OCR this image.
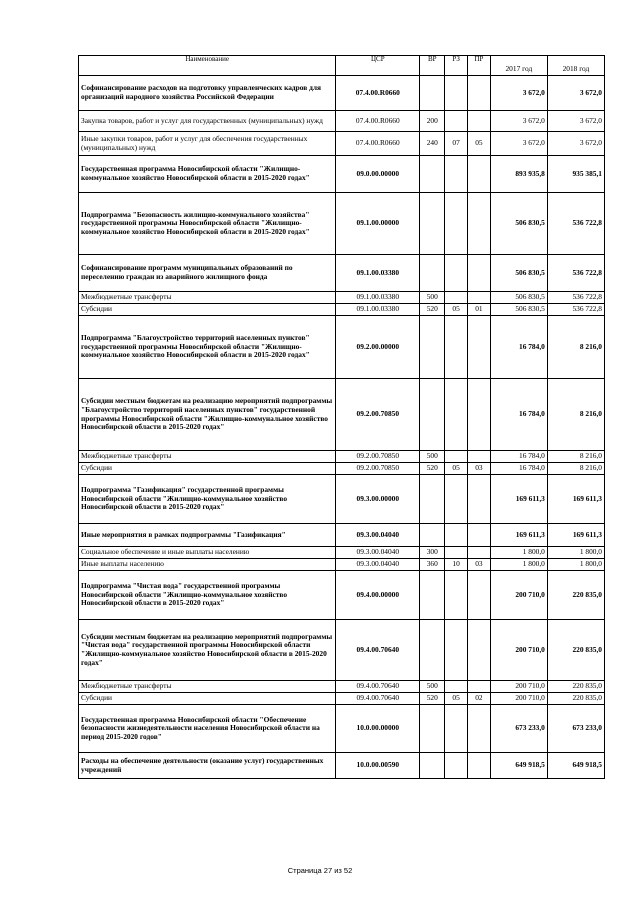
Наименование	ЦСР	ВР	РЗ	ПР	2017 год	2018 год
Софинансирование расходов на подготовку управленческих кадров для организаций народного хозяйства Российской Федерации	07.4.00.R0660				3 672,0	3 672,0
Закупка товаров, работ и услуг для государственных (муниципальных) нужд	07.4.00.R0660	200			3 672,0	3 672,0
Иные закупки товаров, работ и услуг для обеспечения государственных (муниципальных) нужд	07.4.00.R0660	240	07	05	3 672,0	3 672,0
Государственная программа Новосибирской области "Жилищно-коммунальное хозяйство Новосибирской области в 2015-2020 годах"	09.0.00.00000				893 935,8	935 385,1
Подпрограмма "Безопасность жилищно-коммунального хозяйства" государственной программы Новосибирской области "Жилищно-коммунальное хозяйство Новосибирской области в 2015-2020 годах"	09.1.00.00000				506 830,5	536 722,8
Софинансирование программ муниципальных образований по переселению граждан из аварийного жилищного фонда	09.1.00.03380				506 830,5	536 722,8
Межбюджетные трансферты	09.1.00.03380	500			506 830,5	536 722,8
Субсидии	09.1.00.03380	520	05	01	506 830,5	536 722,8
Подпрограмма "Благоустройство территорий населенных пунктов" государственной программы Новосибирской области "Жилищно-коммунальное хозяйство Новосибирской области в 2015-2020 годах"	09.2.00.00000				16 784,0	8 216,0
Субсидии местным бюджетам на реализацию мероприятий подпрограммы "Благоустройство территорий населенных пунктов" государственной программы Новосибирской области "Жилищно-коммунальное хозяйство Новосибирской области в 2015-2020 годах"	09.2.00.70850				16 784,0	8 216,0
Межбюджетные трансферты	09.2.00.70850	500			16 784,0	8 216,0
Субсидии	09.2.00.70850	520	05	03	16 784,0	8 216,0
Подпрограмма "Газификация" государственной программы Новосибирской области "Жилищно-коммунальное хозяйство Новосибирской области в 2015-2020 годах"	09.3.00.00000				169 611,3	169 611,3
Иные мероприятия в рамках подпрограммы "Газификация"	09.3.00.04040				169 611,3	169 611,3
Социальное обеспечение и иные выплаты населению	09.3.00.04040	300			1 800,0	1 800,0
Иные выплаты населению	09.3.00.04040	360	10	03	1 800,0	1 800,0
Подпрограмма "Чистая вода" государственной программы Новосибирской области "Жилищно-коммунальное хозяйство Новосибирской области в 2015-2020 годах"	09.4.00.00000				200 710,0	220 835,0
Субсидии местным бюджетам на реализацию мероприятий подпрограммы "Чистая вода" государственной программы Новосибирской области "Жилищно-коммунальное хозяйство Новосибирской области в 2015-2020 годах"	09.4.00.70640				200 710,0	220 835,0
Межбюджетные трансферты	09.4.00.70640	500			200 710,0	220 835,0
Субсидии	09.4.00.70640	520	05	02	200 710,0	220 835,0
Государственная программа Новосибирской области "Обеспечение безопасности жизнедеятельности населения Новосибирской области на период 2015-2020 годов"	10.0.00.00000				673 233,0	673 233,0
Расходы на обеспечение деятельности (оказание услуг) государственных учреждений	10.0.00.00590				649 918,5	649 918,5
Страница 27 из 52
